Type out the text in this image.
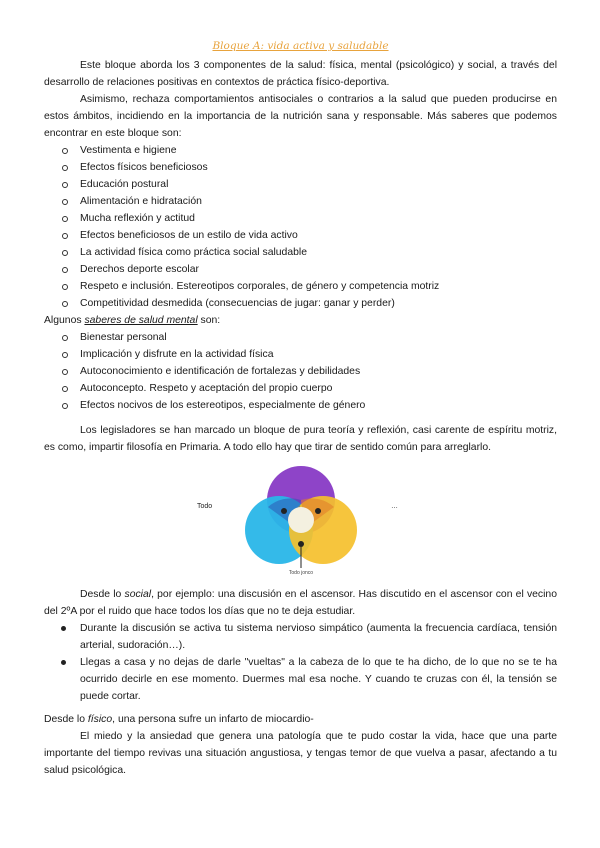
Bloque A: vida activa y saludable

Este bloque aborda los 3 componentes de la salud: física, mental (psicológico) y social, a través del desarrollo de relaciones positivas en contextos de práctica físico-deportiva.

Asimismo, rechaza comportamientos antisociales o contrarios a la salud que pueden producirse en estos ámbitos, incidiendo en la importancia de la nutrición sana y responsable. Más saberes que podemos encontrar en este bloque son:

Vestimenta e higiene
Efectos físicos beneficiosos
Educación postural
Alimentación e hidratación
Mucha reflexión y actitud
Efectos beneficiosos de un estilo de vida activo
La actividad física como práctica social saludable
Derechos deporte escolar
Respeto e inclusión. Estereotipos corporales, de género y competencia motriz
Competitividad desmedida (consecuencias de jugar: ganar y perder)

Algunos saberes de salud mental son:

Bienestar personal
Implicación y disfrute en la actividad física
Autoconocimiento e identificación de fortalezas y debilidades
Autoconcepto. Respeto y aceptación del propio cuerpo
Efectos nocivos de los estereotipos, especialmente de género

Los legisladores se han marcado un bloque de pura teoría y reflexión, casi carente de espíritu motriz, es como, impartir filosofía en Primaria. A todo ello hay que tirar de sentido común para arreglarlo.

Todo	…
Todo jonco

Desde lo social, por ejemplo: una discusión en el ascensor. Has discutido en el ascensor con el vecino del 2ºA por el ruido que hace todos los días que no te deja estudiar.

Durante la discusión se activa tu sistema nervioso simpático (aumenta la frecuencia cardíaca, tensión arterial, sudoración…).
Llegas a casa y no dejas de darle "vueltas" a la cabeza de lo que te ha dicho, de lo que no se te ha ocurrido decirle en ese momento. Duermes mal esa noche. Y cuando te cruzas con él, la tensión se puede cortar.

Desde lo físico, una persona sufre un infarto de miocardio-

El miedo y la ansiedad que genera una patología que te pudo costar la vida, hace que una parte importante del tiempo revivas una situación angustiosa, y tengas temor de que vuelva a pasar, afectando a tu salud psicológica.
